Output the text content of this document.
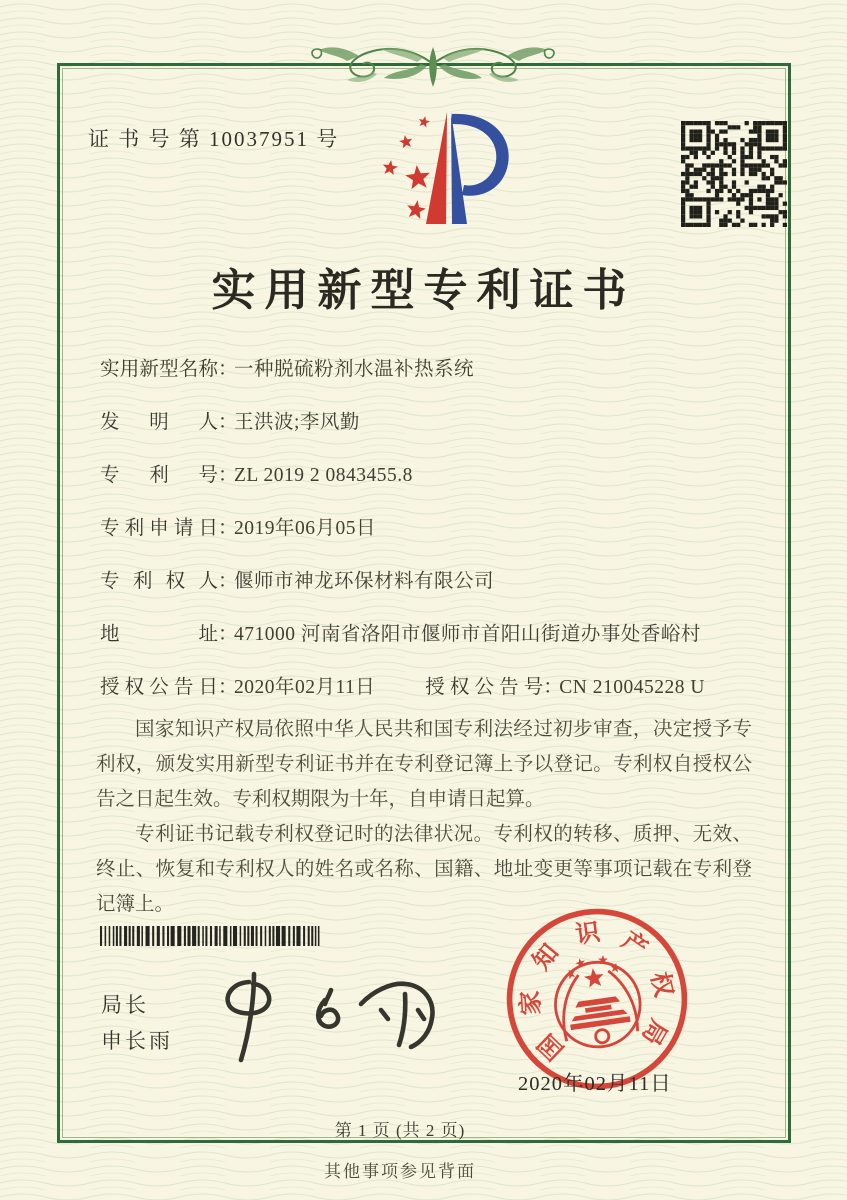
证 书 号 第 10037951 号
实用新型专利证书
实用新型名称：一种脱硫粉剂水温补热系统
发明人：王洪波;李风勤
专利号：ZL 2019 2 0843455.8
专利申请日：2019年06月05日
专利权人：偃师市神龙环保材料有限公司
地址：471000 河南省洛阳市偃师市首阳山街道办事处香峪村
授权公告日：2020年02月11日	授权公告号：CN 210045228 U

国家知识产权局依照中华人民共和国专利法经过初步审查，决定授予专利权，颁发实用新型专利证书并在专利登记簿上予以登记。专利权自授权公告之日起生效。专利权期限为十年，自申请日起算。

专利证书记载专利权登记时的法律状况。专利权的转移、质押、无效、终止、恢复和专利权人的姓名或名称、国籍、地址变更等事项记载在专利登记簿上。

局长
申长雨	国
家
知
识 产
权
局
2020年02月11日
第 1 页 (共 2 页)
其他事项参见背面
